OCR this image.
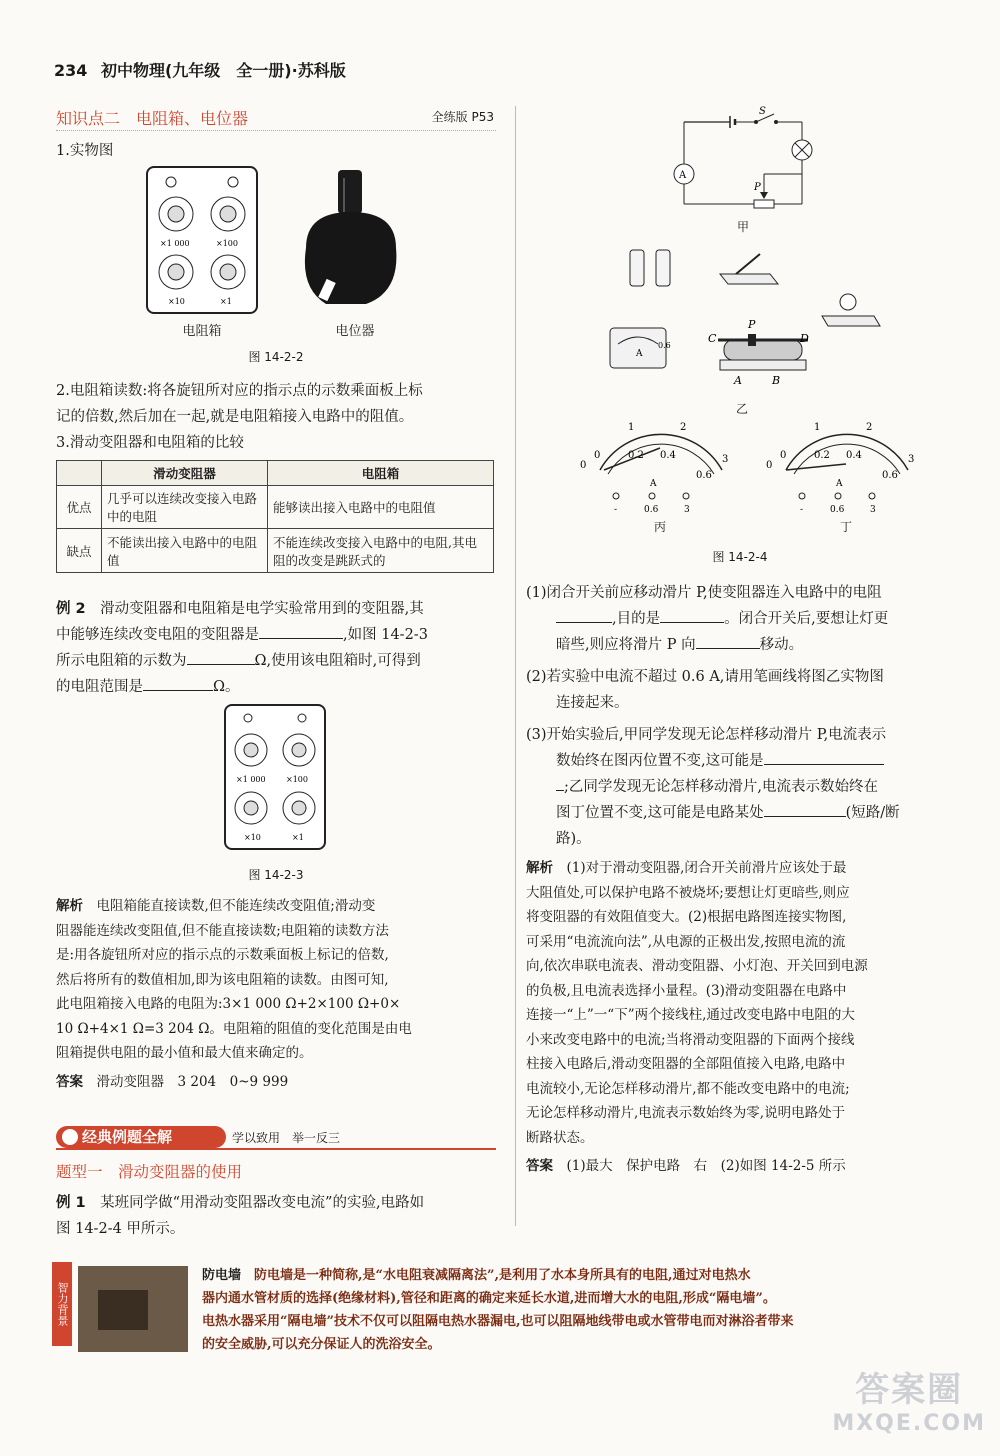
234 初中物理(九年级　全一册)·苏科版
知识点二　电阻箱、电位器	全练版 P53

1.实物图

×1 000	×100
×10	×1
电阻箱	电位器
图 14-2-2

2.电阻箱读数:将各旋钮所对应的指示点的示数乘面板上标

记的倍数,然后加在一起,就是电阻箱接入电路中的阻值。

3.滑动变阻器和电阻箱的比较

	滑动变阻器	电阻箱
优点	几乎可以连续改变接入电路中的电阻	能够读出接入电路中的电阻值
缺点	不能读出接入电路中的电阻值	不能连续改变接入电路中的电阻,其电阻的改变是跳跃式的

例 2　 滑动变阻器和电阻箱是电学实验常用到的变阻器,其

中能够连续改变电阻的变阻器是	,如图 14-2-3

所示电阻箱的示数为	Ω,使用该电阻箱时,可得到

的电阻范围是	Ω。

×1 000	×100
×10	×1
图 14-2-3
解析　 电阻箱能直接读数,但不能连续改变阻值;滑动变
阻器能连续改变阻值,但不能直接读数;电阻箱的读数方法
是:用各旋钮所对应的指示点的示数乘面板上标记的倍数,
然后将所有的数值相加,即为该电阻箱的读数。由图可知,
此电阻箱接入电路的电阻为:3×1 000 Ω+2×100 Ω+0×
10 Ω+4×1 Ω=3 204 Ω。电阻箱的阻值的变化范围是由电
阻箱提供电阻的最小值和最大值来确定的。
答案　 滑动变阻器　3 204　0~9 999
经典例题全解	学以致用　举一反三
题型一　滑动变阻器的使用

例 1　 某班同学做“用滑动变阻器改变电流”的实验,电路如

图 14-2-4 甲所示。

S
A
P
甲
A
0.6
C
P
D
A	B
乙
1	2
0.2 0.4
0
0	3
0.6
A
-	0.6	3
丙
1	2
0.2 0.4
0
0	3
0.6
A
-	0.6	3
丁
图 14-2-4

(1)闭合开关前应移动滑片 P,使变阻器连入电路中的电阻

,目的是	。闭合开关后,要想让灯更

暗些,则应将滑片 P 向	移动。

(2)若实验中电流不超过 0.6 A,请用笔画线将图乙实物图

连接起来。

(3)开始实验后,甲同学发现无论怎样移动滑片 P,电流表示

数始终在图丙位置不变,这可能是

;乙同学发现无论怎样移动滑片,电流表示数始终在

图丁位置不变,这可能是电路某处	(短路/断

路)。

解析　 (1)对于滑动变阻器,闭合开关前滑片应该处于最
大阻值处,可以保护电路不被烧坏;要想让灯更暗些,则应
将变阻器的有效阻值变大。(2)根据电路图连接实物图,
可采用“电流流向法”,从电源的正极出发,按照电流的流
向,依次串联电流表、滑动变阻器、小灯泡、开关回到电源
的负极,且电流表选择小量程。(3)滑动变阻器在电路中
连接一“上”一“下”两个接线柱,通过改变电路中电阻的大
小来改变电路中的电流;当将滑动变阻器的下面两个接线
柱接入电路后,滑动变阻器的全部阻值接入电路,电路中
电流较小,无论怎样移动滑片,都不能改变电路中的电流;
无论怎样移动滑片,电流表示数始终为零,说明电路处于
断路状态。
答案　 (1)最大　保护电路　右　(2)如图 14-2-5 所示
智力背景
防电墙　 防电墙是一种简称,是“水电阻衰减隔离法”,是利用了水本身所具有的电阻,通过对电热水
器内通水管材质的选择(绝缘材料),管径和距离的确定来延长水道,进而增大水的电阻,形成“隔电墙”。
电热水器采用“隔电墙”技术不仅可以阻隔电热水器漏电,也可以阻隔地线带电或水管带电而对淋浴者带来
的安全威胁,可以充分保证人的洗浴安全。
答案圈
MXQE.COM
